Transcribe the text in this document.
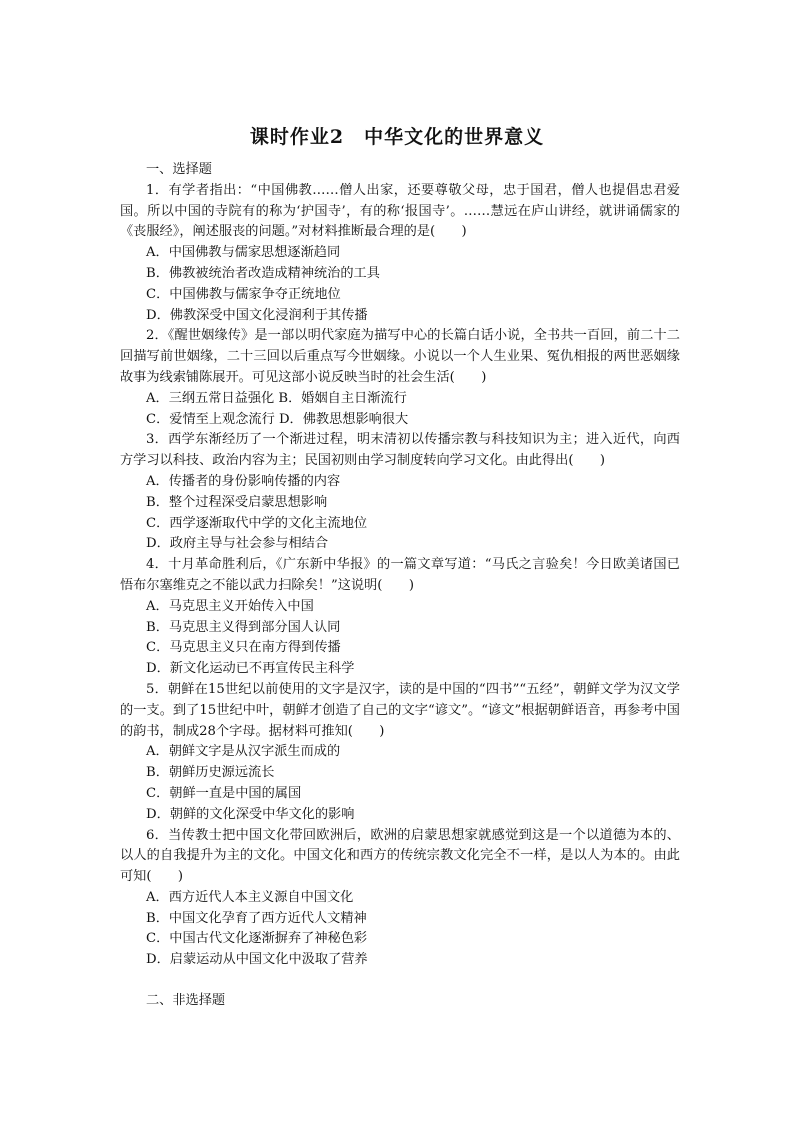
课时作业2　中华文化的世界意义

一、选择题

1．有学者指出：“中国佛教……僧人出家，还要尊敬父母，忠于国君，僧人也提倡忠君爱国。所以中国的寺院有的称为‘护国寺’，有的称‘报国寺’。……慧远在庐山讲经，就讲诵儒家的《丧服经》，阐述服丧的问题。”对材料推断最合理的是(　　)

A．中国佛教与儒家思想逐渐趋同

B．佛教被统治者改造成精神统治的工具

C．中国佛教与儒家争夺正统地位

D．佛教深受中国文化浸润利于其传播

2．《醒世姻缘传》是一部以明代家庭为描写中心的长篇白话小说，全书共一百回，前二十二回描写前世姻缘，二十三回以后重点写今世姻缘。小说以一个人生业果、冤仇相报的两世恶姻缘故事为线索铺陈展开。可见这部小说反映当时的社会生活(　　)

A．三纲五常日益强化 B．婚姻自主日渐流行

C．爱情至上观念流行 D．佛教思想影响很大

3．西学东渐经历了一个渐进过程，明末清初以传播宗教与科技知识为主；进入近代，向西方学习以科技、政治内容为主；民国初则由学习制度转向学习文化。由此得出(　　)

A．传播者的身份影响传播的内容

B．整个过程深受启蒙思想影响

C．西学逐渐取代中学的文化主流地位

D．政府主导与社会参与相结合

4．十月革命胜利后，《广东新中华报》的一篇文章写道：“马氏之言验矣！今日欧美诸国已悟布尔塞维克之不能以武力扫除矣！”这说明(　　)

A．马克思主义开始传入中国

B．马克思主义得到部分国人认同

C．马克思主义只在南方得到传播

D．新文化运动已不再宣传民主科学

5．朝鲜在15世纪以前使用的文字是汉字，读的是中国的“四书”“五经”，朝鲜文学为汉文学的一支。到了15世纪中叶，朝鲜才创造了自己的文字“谚文”。“谚文”根据朝鲜语音，再参考中国的韵书，制成28个字母。据材料可推知(　　)

A．朝鲜文字是从汉字派生而成的

B．朝鲜历史源远流长

C．朝鲜一直是中国的属国

D．朝鲜的文化深受中华文化的影响

6．当传教士把中国文化带回欧洲后，欧洲的启蒙思想家就感觉到这是一个以道德为本的、以人的自我提升为主的文化。中国文化和西方的传统宗教文化完全不一样，是以人为本的。由此可知(　　)

A．西方近代人本主义源自中国文化

B．中国文化孕育了西方近代人文精神

C．中国古代文化逐渐摒弃了神秘色彩

D．启蒙运动从中国文化中汲取了营养

二、非选择题
